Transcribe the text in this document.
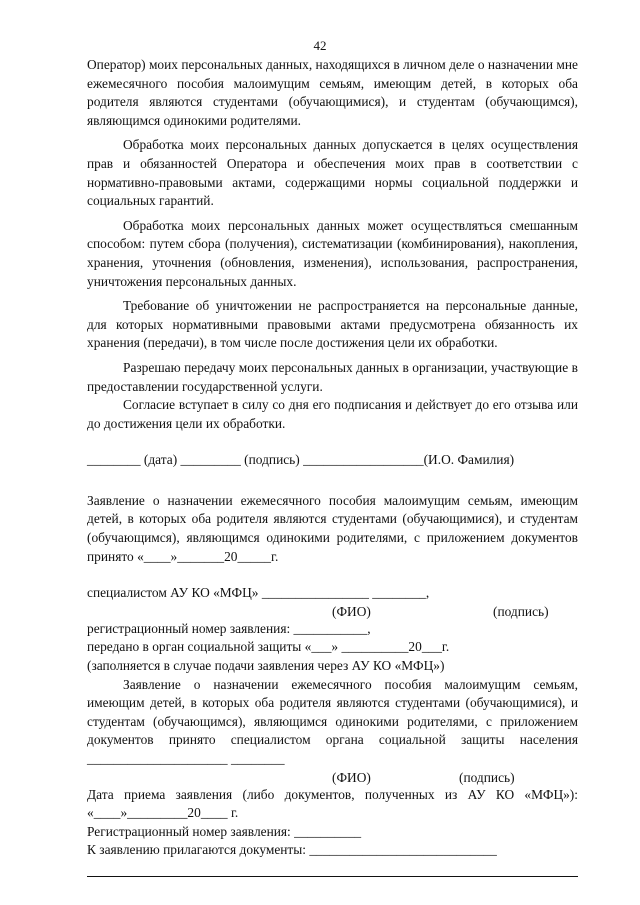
42

Оператор) моих персональных данных, находящихся в личном деле о назначении мне ежемесячного пособия малоимущим семьям, имеющим детей, в которых оба родителя являются студентами (обучающимися), и студентам (обучающимся), являющимся одинокими родителями.

Обработка моих персональных данных допускается в целях осуществления прав и обязанностей Оператора и обеспечения моих прав в соответствии с нормативно-правовыми актами, содержащими нормы социальной поддержки и социальных гарантий.

Обработка моих персональных данных может осуществляться смешанным способом: путем сбора (получения), систематизации (комбинирования), накопления, хранения, уточнения (обновления, изменения), использования, распространения, уничтожения персональных данных.

Требование об уничтожении не распространяется на персональные данные, для которых нормативными правовыми актами предусмотрена обязанность их хранения (передачи), в том числе после достижения цели их обработки.

Разрешаю передачу моих персональных данных в организации, участвующие в предоставлении государственной услуги.

Согласие вступает в силу со дня его подписания и действует до его отзыва или до достижения цели их обработки.

________ (дата) _________ (подпись) __________________(И.О. Фамилия)

Заявление о назначении ежемесячного пособия малоимущим семьям, имеющим детей, в которых оба родителя являются студентами (обучающимися), и студентам (обучающимся), являющимся одинокими родителями, с приложением документов принято «____»_______20_____г.

специалистом АУ КО «МФЦ» ________________ ________,

(ФИО)	(подпись)

регистрационный номер заявления: ___________,

передано в орган социальной защиты «___» __________20___г.

(заполняется в случае подачи заявления через АУ КО «МФЦ»)

Заявление о назначении ежемесячного пособия малоимущим семьям, имеющим детей, в которых оба родителя являются студентами (обучающимися), и студентам (обучающимся), являющимся одинокими родителями, с приложением документов принято специалистом органа социальной защиты населения _____________________ ________

(ФИО)	(подпись)

Дата приема заявления (либо документов, полученных из АУ КО «МФЦ»): «____»_________20____ г.

Регистрационный номер заявления: __________

К заявлению прилагаются документы: ____________________________
